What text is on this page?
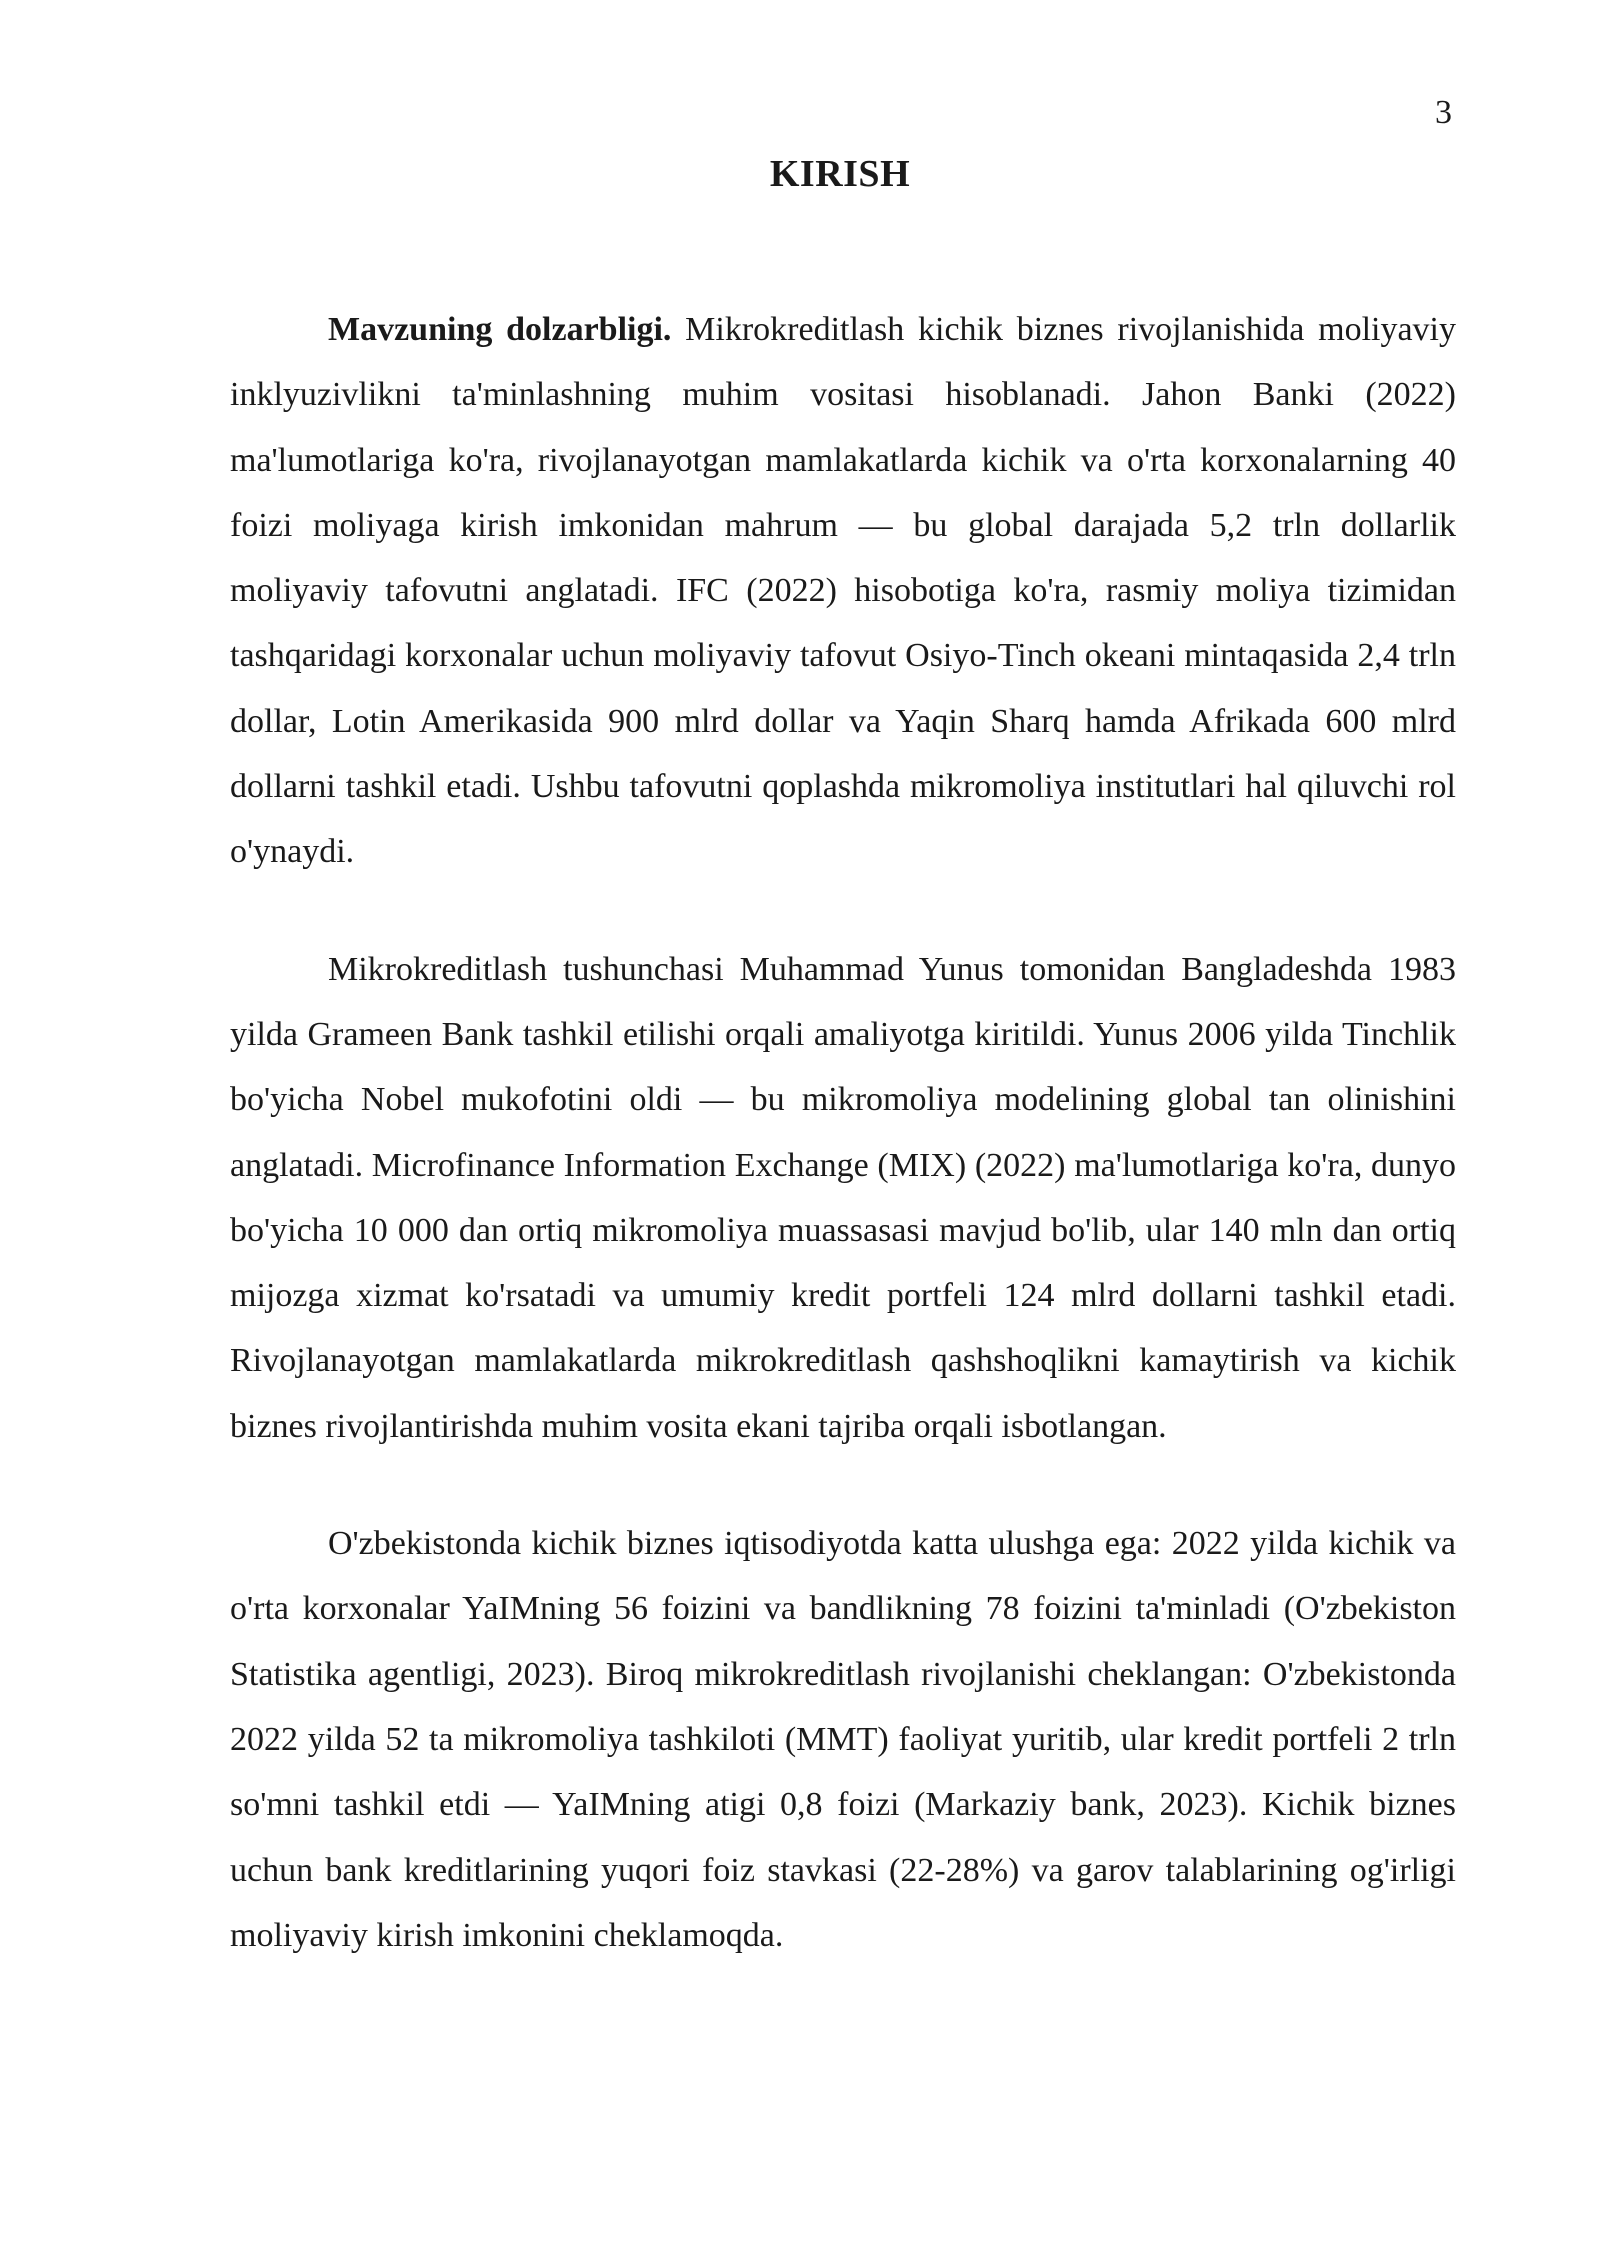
3
KIRISH

Mavzuning dolzarbligi. Mikrokreditlash kichik biznes rivojlanishida moliyaviy inklyuzivlikni ta'minlashning muhim vositasi hisoblanadi. Jahon Banki (2022) ma'lumotlariga ko'ra, rivojlanayotgan mamlakatlarda kichik va o'rta korxonalarning 40 foizi moliyaga kirish imkonidan mahrum — bu global darajada 5,2 trln dollarlik moliyaviy tafovutni anglatadi. IFC (2022) hisobotiga ko'ra, rasmiy moliya tizimidan tashqaridagi korxonalar uchun moliyaviy tafovut Osiyo-Tinch okeani mintaqasida 2,4 trln dollar, Lotin Amerikasida 900 mlrd dollar va Yaqin Sharq hamda Afrikada 600 mlrd dollarni tashkil etadi. Ushbu tafovutni qoplashda mikromoliya institutlari hal qiluvchi rol o'ynaydi.

Mikrokreditlash tushunchasi Muhammad Yunus tomonidan Bangladeshda 1983 yilda Grameen Bank tashkil etilishi orqali amaliyotga kiritildi. Yunus 2006 yilda Tinchlik bo'yicha Nobel mukofotini oldi — bu mikromoliya modelining global tan olinishini anglatadi. Microfinance Information Exchange (MIX) (2022) ma'lumotlariga ko'ra, dunyo bo'yicha 10 000 dan ortiq mikromoliya muassasasi mavjud bo'lib, ular 140 mln dan ortiq mijozga xizmat ko'rsatadi va umumiy kredit portfeli 124 mlrd dollarni tashkil etadi. Rivojlanayotgan mamlakatlarda mikrokreditlash qashshoqlikni kamaytirish va kichik biznes rivojlantirishda muhim vosita ekani tajriba orqali isbotlangan.

O'zbekistonda kichik biznes iqtisodiyotda katta ulushga ega: 2022 yilda kichik va o'rta korxonalar YaIMning 56 foizini va bandlikning 78 foizini ta'minladi (O'zbekiston Statistika agentligi, 2023). Biroq mikrokreditlash rivojlanishi cheklangan: O'zbekistonda 2022 yilda 52 ta mikromoliya tashkiloti (MMT) faoliyat yuritib, ular kredit portfeli 2 trln so'mni tashkil etdi — YaIMning atigi 0,8 foizi (Markaziy bank, 2023). Kichik biznes uchun bank kreditlarining yuqori foiz stavkasi (22-28%) va garov talablarining og'irligi moliyaviy kirish imkonini cheklamoqda.
